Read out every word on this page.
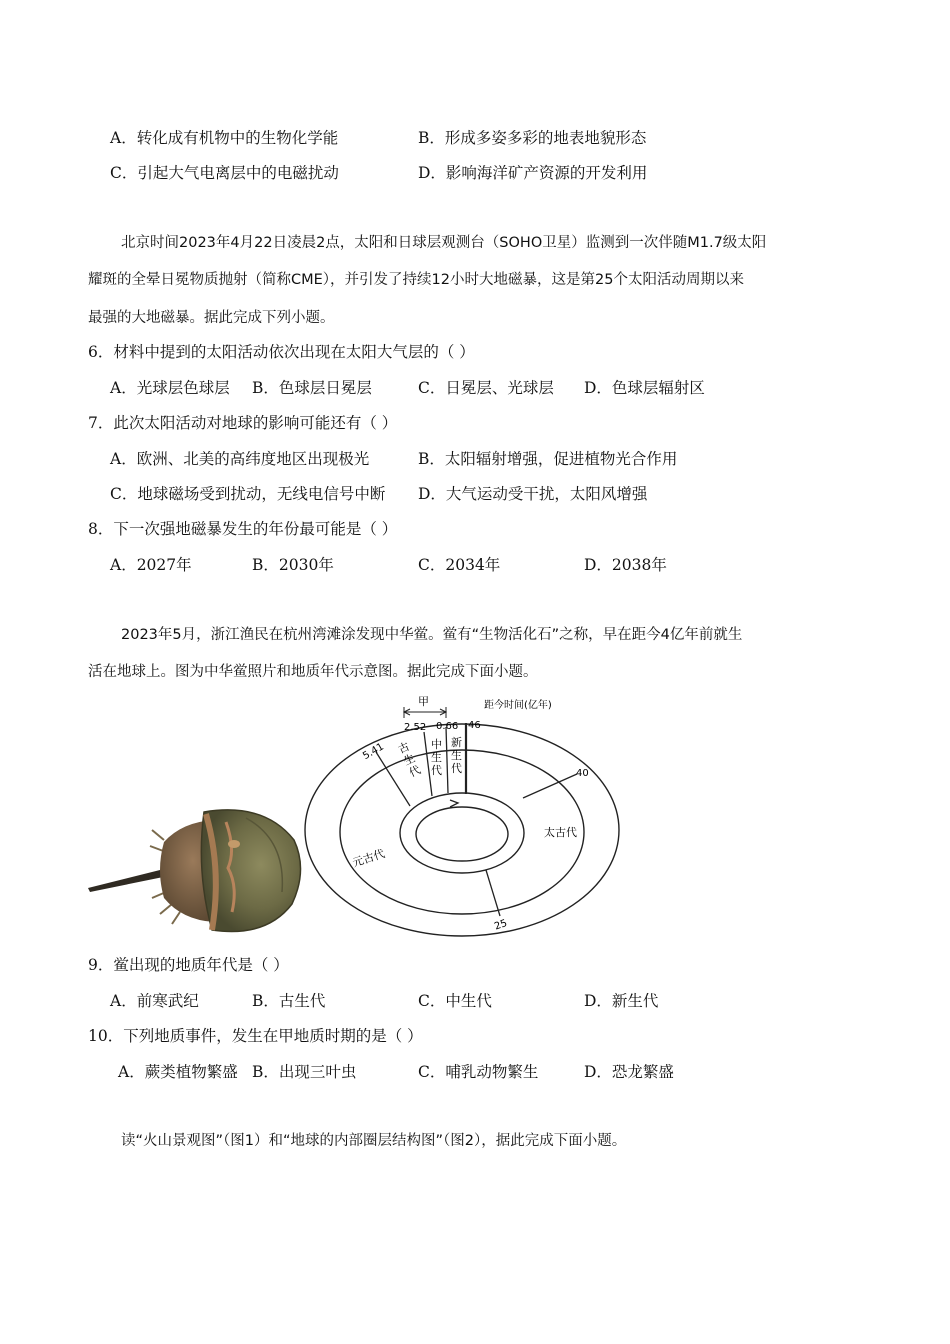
A．转化成有机物中的生物化学能	B．形成多姿多彩的地表地貌形态
C．引起大气电离层中的电磁扰动	D．影响海洋矿产资源的开发利用
北京时间2023年4月22日凌晨2点，太阳和日球层观测台（SOHO卫星）监测到一次伴随M1.7级太阳
耀斑的全晕日冕物质抛射（简称CME），并引发了持续12小时大地磁暴，这是第25个太阳活动周期以来
最强的大地磁暴。据此完成下列小题。
6．材料中提到的太阳活动依次出现在太阳大气层的（ ）
A．光球层色球层 B．色球层日冕层	C．日冕层、光球层 D．色球层辐射区
7．此次太阳活动对地球的影响可能还有（ ）
A．欧洲、北美的高纬度地区出现极光	B．太阳辐射增强，促进植物光合作用
C．地球磁场受到扰动，无线电信号中断 D．大气运动受干扰，太阳风增强
8．下一次强地磁暴发生的年份最可能是（ ）
A．2027年	B．2030年	C．2034年	D．2038年
2023年5月，浙江渔民在杭州湾滩涂发现中华鲎。鲎有“生物活化石”之称，早在距今4亿年前就生
活在地球上。图为中华鲎照片和地质年代示意图。据此完成下面小题。
甲	距今时间(亿年)
2.52 0.66 46
5.41
40
25
古
生
代
中
生
代
新
生
代
元古代
太古代
9．鲎出现的地质年代是（ ）
A．前寒武纪	B．古生代	C．中生代	D．新生代
10．下列地质事件，发生在甲地质时期的是（ ）
A．蕨类植物繁盛 B．出现三叶虫	C．哺乳动物繁生	D．恐龙繁盛
读“火山景观图”（图1）和“地球的内部圈层结构图”（图2），据此完成下面小题。
